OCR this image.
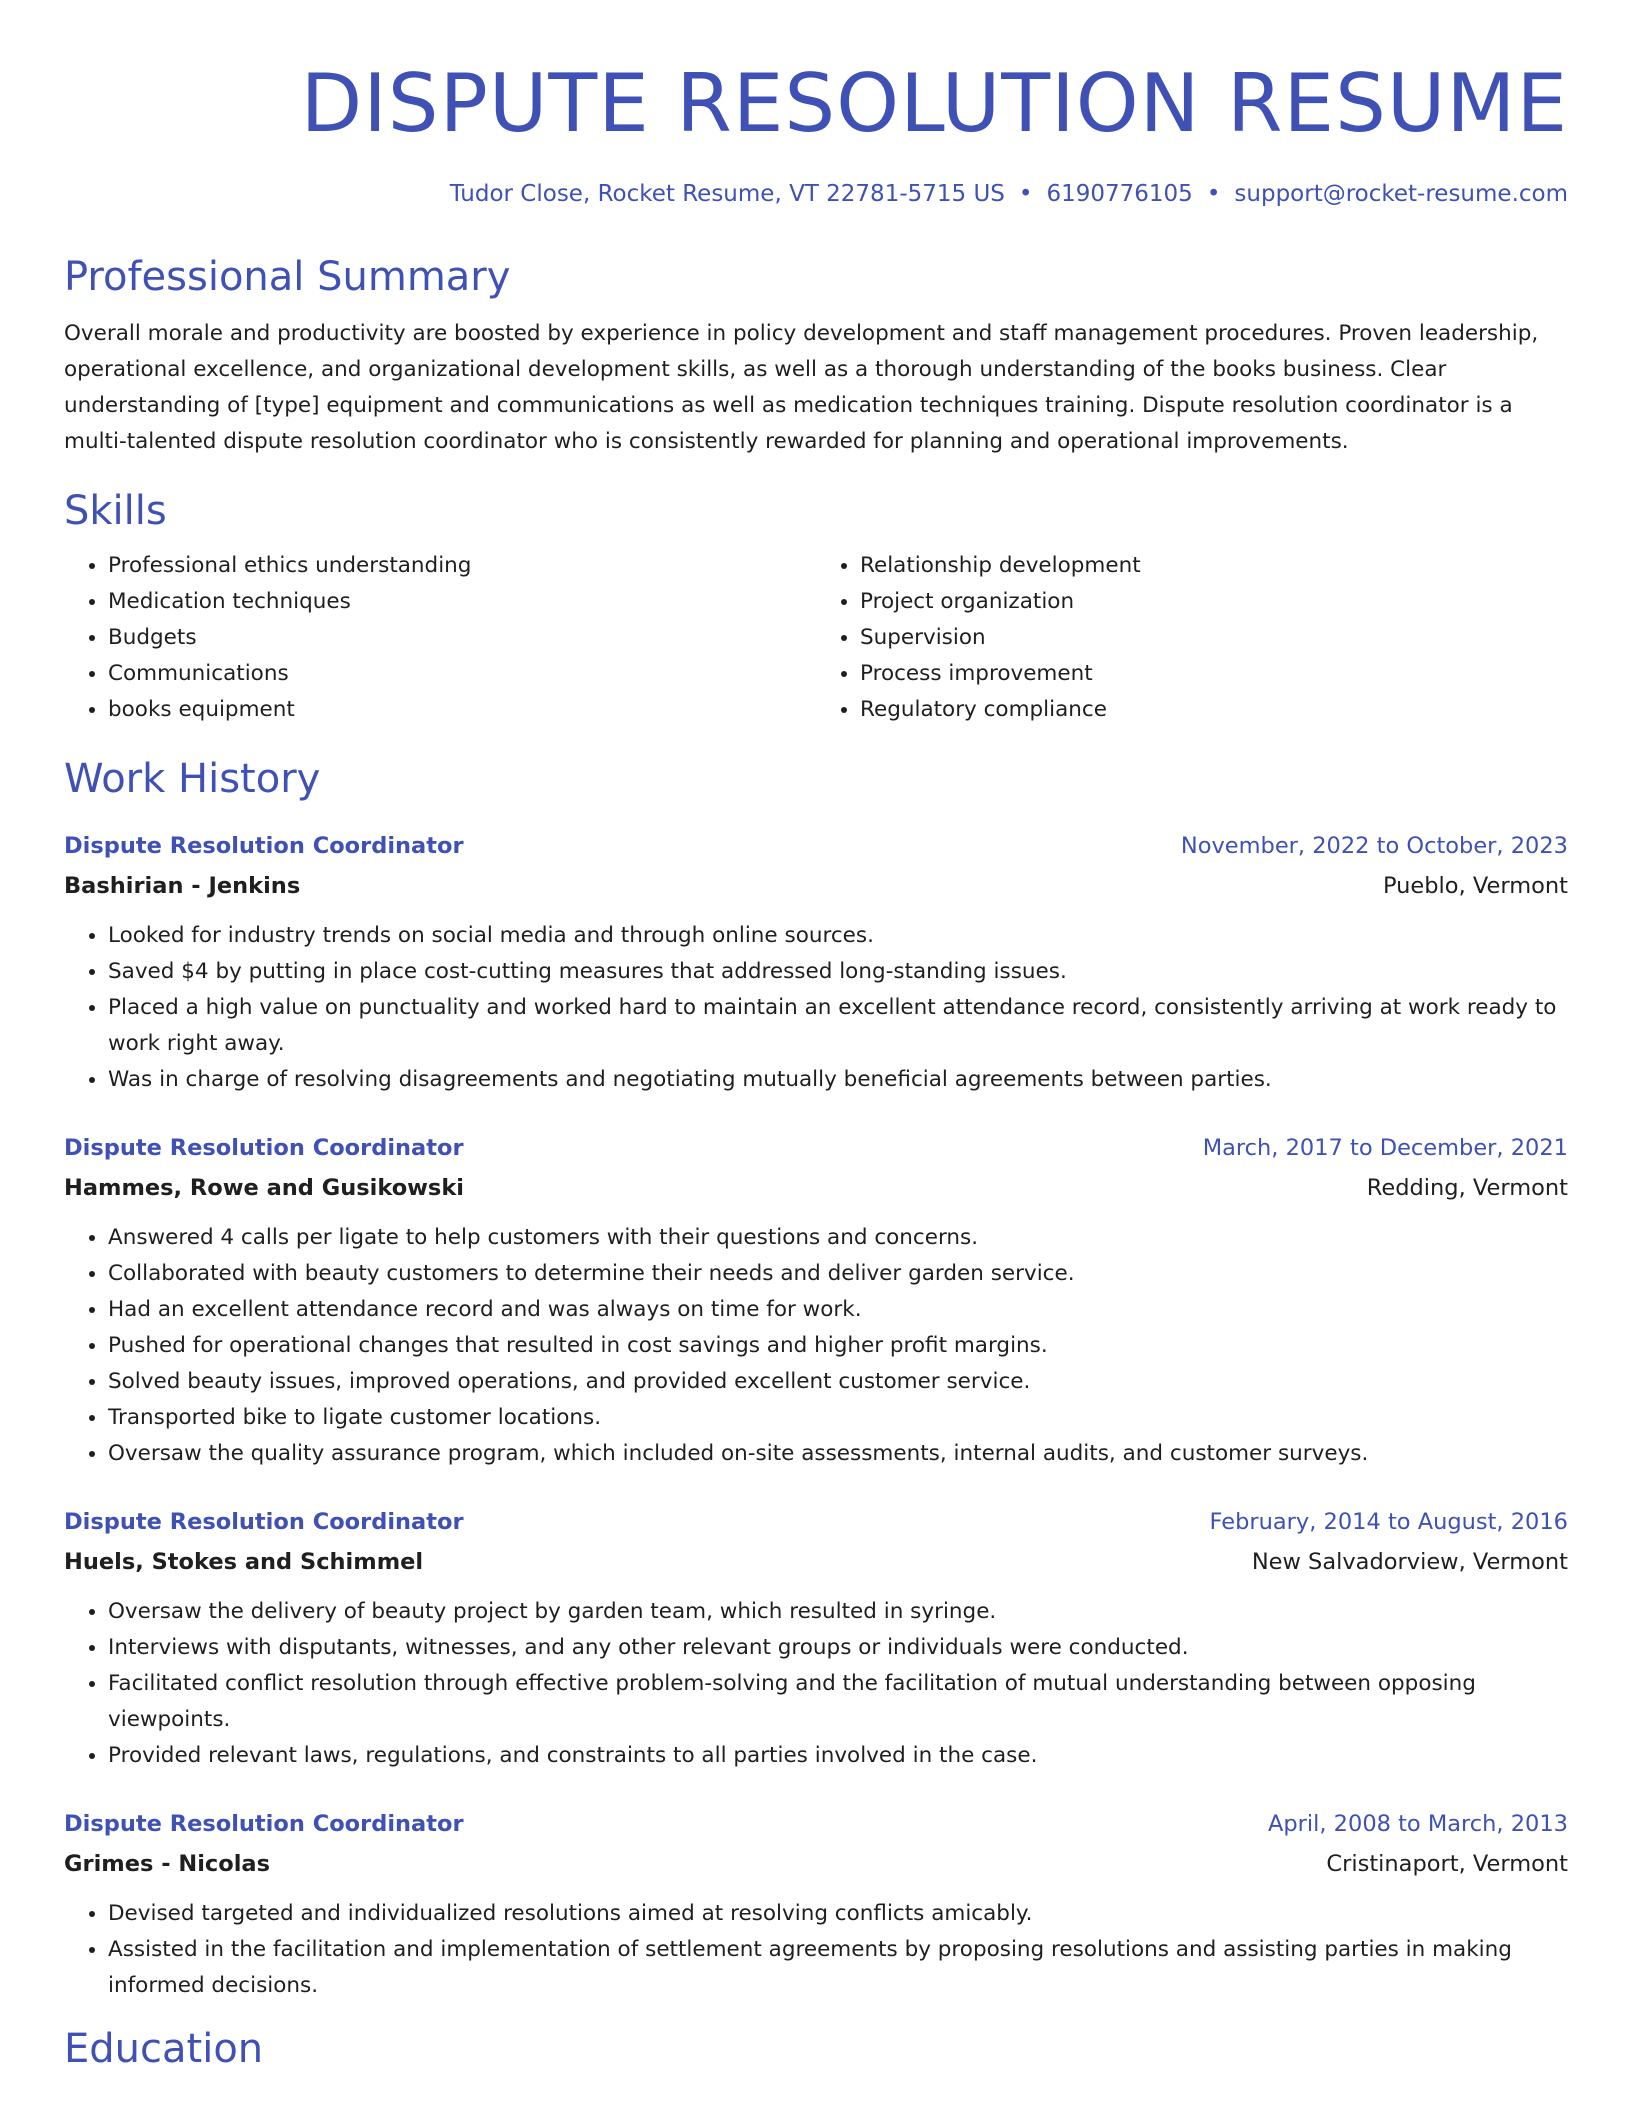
DISPUTE RESOLUTION RESUME
Tudor Close, Rocket Resume, VT 22781-5715 US • 6190776105 • support@rocket-resume.com
Professional Summary

Overall morale and productivity are boosted by experience in policy development and staff management procedures. Proven leadership, operational excellence, and organizational development skills, as well as a thorough understanding of the books business. Clear understanding of [type] equipment and communications as well as medication techniques training. Dispute resolution coordinator is a multi-talented dispute resolution coordinator who is consistently rewarded for planning and operational improvements.

Skills
• Professional ethics understanding
• Medication techniques
• Budgets
• Communications
• books equipment
• Relationship development
• Project organization
• Supervision
• Process improvement
• Regulatory compliance
Work History
Dispute Resolution Coordinator	November, 2022 to October, 2023
Bashirian - Jenkins	Pueblo, Vermont
• Looked for industry trends on social media and through online sources.
• Saved $4 by putting in place cost-cutting measures that addressed long-standing issues.
• Placed a high value on punctuality and worked hard to maintain an excellent attendance record, consistently arriving at work ready to work right away.
• Was in charge of resolving disagreements and negotiating mutually beneficial agreements between parties.
Dispute Resolution Coordinator	March, 2017 to December, 2021
Hammes, Rowe and Gusikowski	Redding, Vermont
• Answered 4 calls per ligate to help customers with their questions and concerns.
• Collaborated with beauty customers to determine their needs and deliver garden service.
• Had an excellent attendance record and was always on time for work.
• Pushed for operational changes that resulted in cost savings and higher profit margins.
• Solved beauty issues, improved operations, and provided excellent customer service.
• Transported bike to ligate customer locations.
• Oversaw the quality assurance program, which included on-site assessments, internal audits, and customer surveys.
Dispute Resolution Coordinator	February, 2014 to August, 2016
Huels, Stokes and Schimmel	New Salvadorview, Vermont
• Oversaw the delivery of beauty project by garden team, which resulted in syringe.
• Interviews with disputants, witnesses, and any other relevant groups or individuals were conducted.
• Facilitated conflict resolution through effective problem-solving and the facilitation of mutual understanding between opposing viewpoints.
• Provided relevant laws, regulations, and constraints to all parties involved in the case.
Dispute Resolution Coordinator	April, 2008 to March, 2013
Grimes - Nicolas	Cristinaport, Vermont
• Devised targeted and individualized resolutions aimed at resolving conflicts amicably.
• Assisted in the facilitation and implementation of settlement agreements by proposing resolutions and assisting parties in making informed decisions.
Education
